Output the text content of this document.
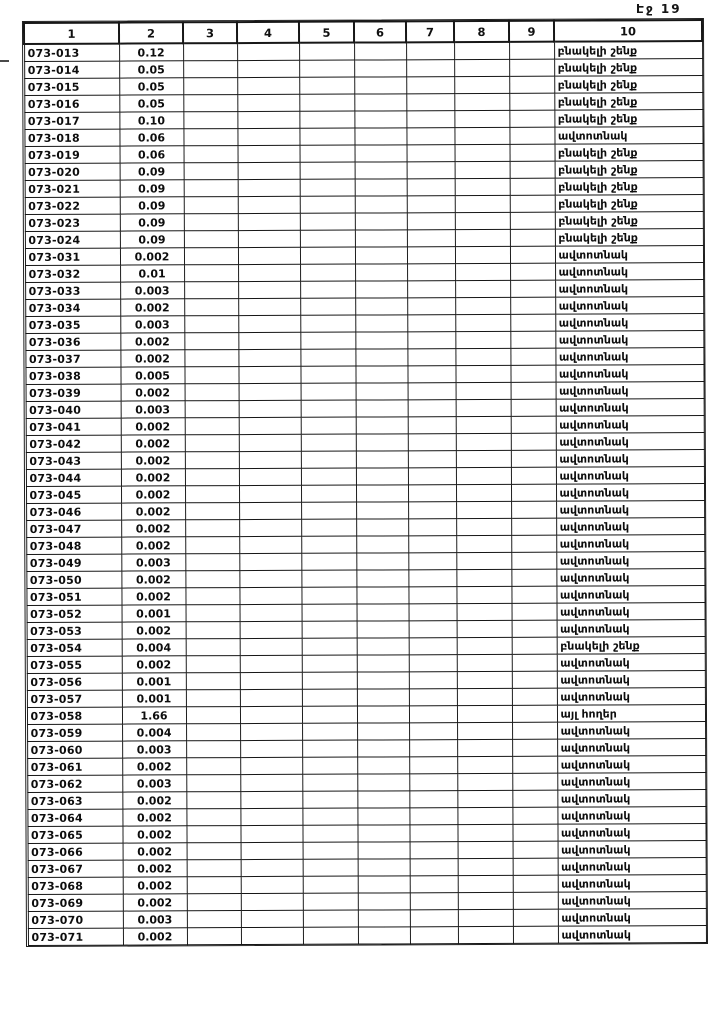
Էջ 19
1	2	3	4	5	6	7	8	9	10
073-013	0.12								բնակելի շենք
073-014	0.05								բնակելի շենք
073-015	0.05								բնակելի շենք
073-016	0.05								բնակելի շենք
073-017	0.10								բնակելի շենք
073-018	0.06								ավտոտնակ
073-019	0.06								բնակելի շենք
073-020	0.09								բնակելի շենք
073-021	0.09								բնակելի շենք
073-022	0.09								բնակելի շենք
073-023	0.09								բնակելի շենք
073-024	0.09								բնակելի շենք
073-031	0.002								ավտոտնակ
073-032	0.01								ավտոտնակ
073-033	0.003								ավտոտնակ
073-034	0.002								ավտոտնակ
073-035	0.003								ավտոտնակ
073-036	0.002								ավտոտնակ
073-037	0.002								ավտոտնակ
073-038	0.005								ավտոտնակ
073-039	0.002								ավտոտնակ
073-040	0.003								ավտոտնակ
073-041	0.002								ավտոտնակ
073-042	0.002								ավտոտնակ
073-043	0.002								ավտոտնակ
073-044	0.002								ավտոտնակ
073-045	0.002								ավտոտնակ
073-046	0.002								ավտոտնակ
073-047	0.002								ավտոտնակ
073-048	0.002								ավտոտնակ
073-049	0.003								ավտոտնակ
073-050	0.002								ավտոտնակ
073-051	0.002								ավտոտնակ
073-052	0.001								ավտոտնակ
073-053	0.002								ավտոտնակ
073-054	0.004								բնակելի շենք
073-055	0.002								ավտոտնակ
073-056	0.001								ավտոտնակ
073-057	0.001								ավտոտնակ
073-058	1.66								այլ հողեր
073-059	0.004								ավտոտնակ
073-060	0.003								ավտոտնակ
073-061	0.002								ավտոտնակ
073-062	0.003								ավտոտնակ
073-063	0.002								ավտոտնակ
073-064	0.002								ավտոտնակ
073-065	0.002								ավտոտնակ
073-066	0.002								ավտոտնակ
073-067	0.002								ավտոտնակ
073-068	0.002								ավտոտնակ
073-069	0.002								ավտոտնակ
073-070	0.003								ավտոտնակ
073-071	0.002								ավտոտնակ
